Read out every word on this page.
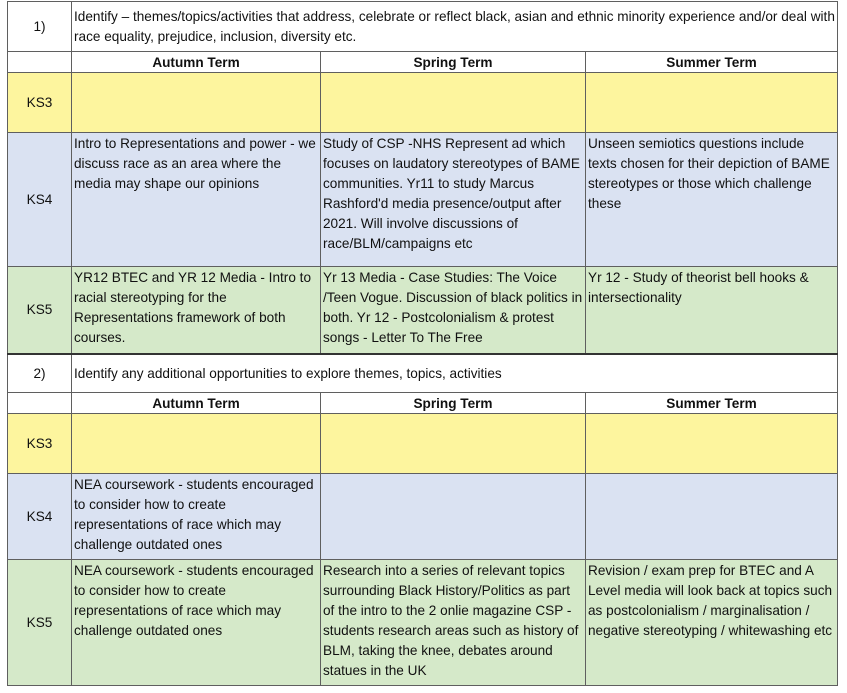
1)	Identify – themes/topics/activities that address, celebrate or reflect black, asian and ethnic minority experience and/or deal with race equality, prejudice, inclusion, diversity etc.		
	Autumn Term	Spring Term	Summer Term
KS3			
KS4	Intro to Representations and power - we discuss race as an area where the media may shape our opinions	Study of CSP -NHS Represent ad which focuses on laudatory stereotypes of BAME communities. Yr11 to study Marcus Rashford'd media presence/output after 2021. Will involve discussions of race/BLM/campaigns etc	Unseen semiotics questions include texts chosen for their depiction of BAME stereotypes or those which challenge these
KS5	YR12 BTEC and YR 12 Media - Intro to racial stereotyping for the Representations framework of both courses.	Yr 13 Media - Case Studies: The Voice /Teen Vogue. Discussion of black politics in both. Yr 12 - Postcolonialism & protest songs - Letter To The Free	Yr 12 - Study of theorist bell hooks & intersectionality
2)	Identify any additional opportunities to explore themes, topics, activities		
	Autumn Term	Spring Term	Summer Term
KS3			
KS4	NEA coursework - students encouraged to consider how to create representations of race which may challenge outdated ones		
KS5	NEA coursework - students encouraged to consider how to create representations of race which may challenge outdated ones	Research into a series of relevant topics surrounding Black History/Politics as part of the intro to the 2 onlie magazine CSP - students research areas such as history of BLM, taking the knee, debates around statues in the UK	Revision / exam prep for BTEC and A Level media will look back at topics such as postcolonialism / marginalisation / negative stereotyping / whitewashing etc
